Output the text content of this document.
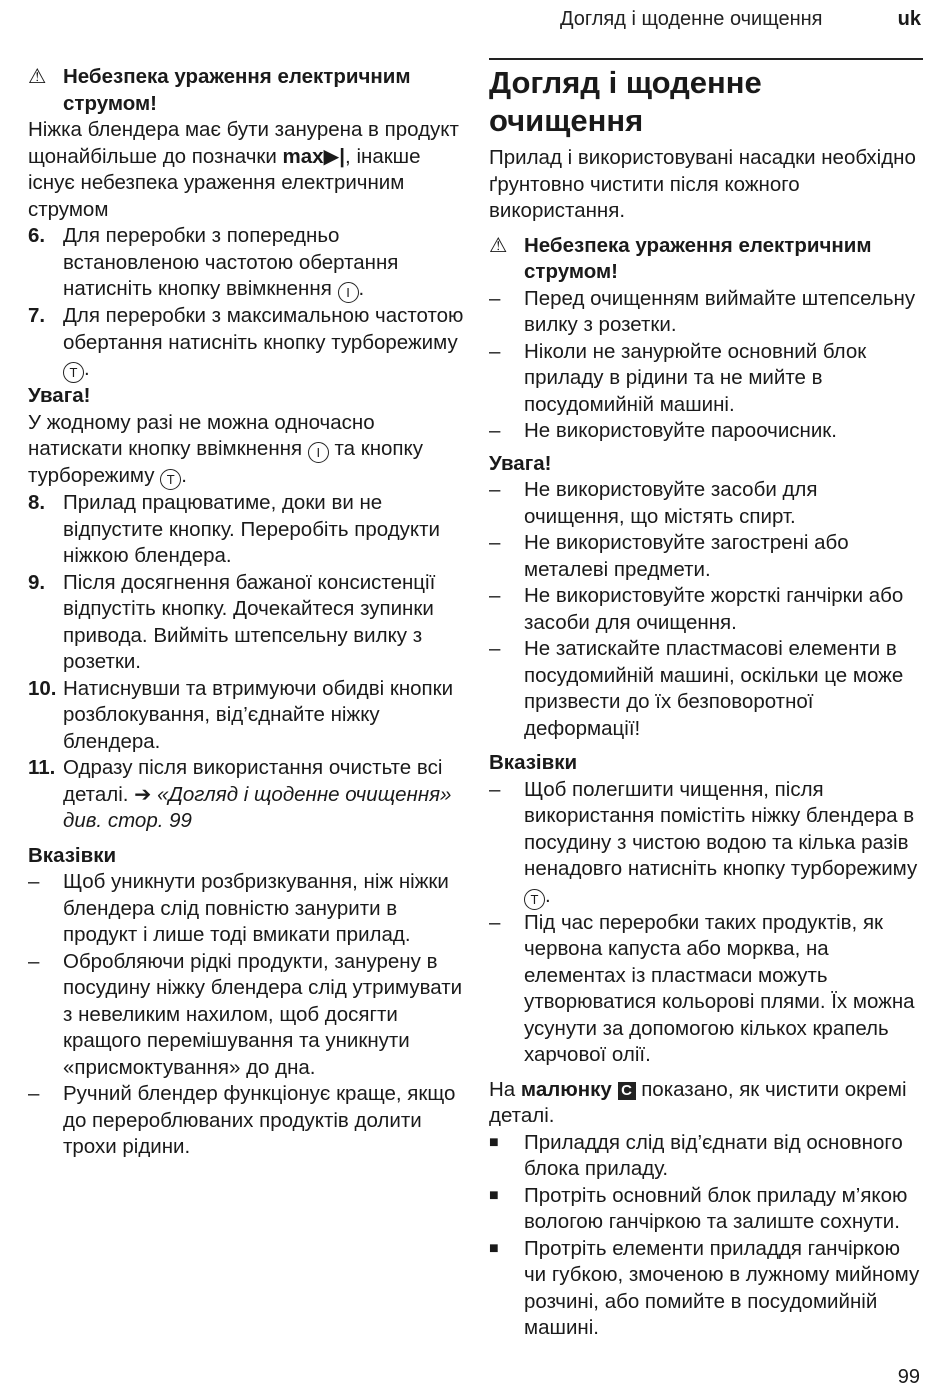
Догляд і щоденне очищення	uk
⚠ Небезпека ураження електричним струмом!

Ніжка блендера має бути занурена в продукт щонайбільше до позначки max▶|, інакше існує небезпека ураження електричним струмом

6. Для переробки з попередньо встановленою частотою обертання натисніть кнопку ввімкнення I .
7. Для переробки з максимальною частотою обертання натисніть кнопку турборежиму T .

Увага!

У жодному разі не можна одночасно натискати кнопку ввімкнення I та кнопку турборежиму T .

8. Прилад працюватиме, доки ви не відпустите кнопку. Переробіть продукти ніжкою блендера.
9. Після досягнення бажаної консистенції відпустіть кнопку. Дочекайтеся зупинки привода. Вийміть штепсельну вилку з розетки.
10. Натиснувши та втримуючи обидві кнопки розблокування, від’єднайте ніжку блендера.
11. Одразу після використання очистьте всі деталі. ➔ «Догляд і щоденне очищення» див. стор. 99

Вказівки

–	Щоб уникнути розбризкування, ніж ніжки блендера слід повністю занурити в продукт і лише тоді вмикати прилад.
–	Обробляючи рідкі продукти, занурену в посудину ніжку блендера слід утримувати з невеликим нахилом, щоб досягти кращого перемішування та уникнути «присмоктування» до дна.
–	Ручний блендер функціонує краще, якщо до перероблюваних продуктів долити трохи рідини.

Догляд і щоденне очищення

Прилад і використовувані насадки необхідно ґрунтовно чистити після кожного використання.

⚠ Небезпека ураження електричним струмом!
–	Перед очищенням виймайте штепсельну вилку з розетки.
–	Ніколи не занурюйте основний блок приладу в рідини та не мийте в посудомийній машині.
–	Не використовуйте пароочисник.

Увага!

–	Не використовуйте засоби для очищення, що містять спирт.
–	Не використовуйте загострені або металеві предмети.
–	Не використовуйте жорсткі ганчірки або засоби для очищення.
–	Не затискайте пластмасові елементи в посудомийній машині, оскільки це може призвести до їх безповоротної деформації!

Вказівки

–	Щоб полегшити чищення, після використання помістіть ніжку блендера в посудину з чистою водою та кілька разів ненадовго натисніть кнопку турборежиму T .
–	Під час переробки таких продуктів, як червона капуста або морква, на елементах із пластмаси можуть утворюватися кольорові плями. Їх можна усунути за допомогою кількох крапель харчової олії.

На малюнку C показано, як чистити окремі деталі.

■	Приладдя слід від’єднати від основного блока приладу.
■	Протріть основний блок приладу м’якою вологою ганчіркою та залиште сохнути.
■	Протріть елементи приладдя ганчіркою чи губкою, змоченою в лужному мийному розчині, або помийте в посудомийній машині.
99
